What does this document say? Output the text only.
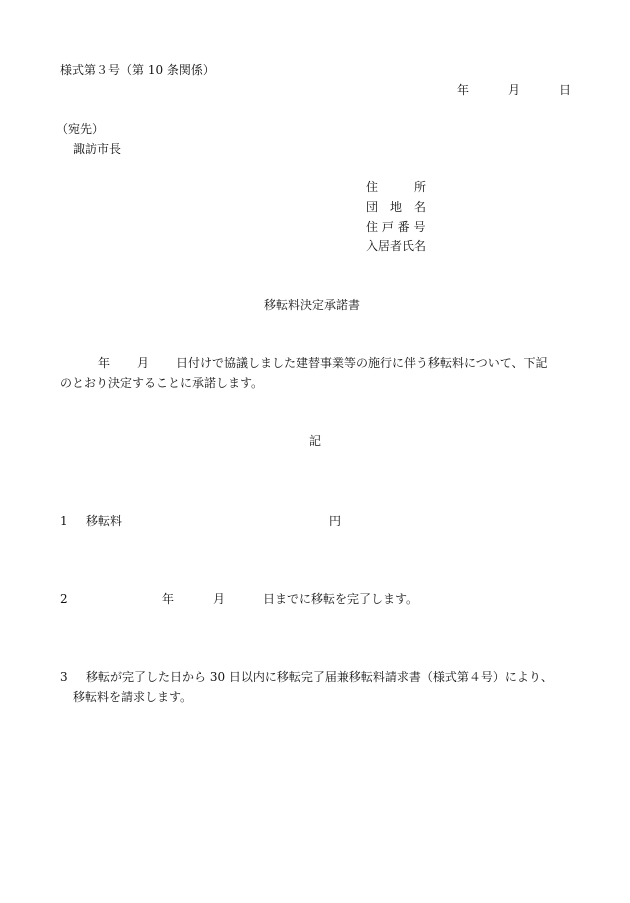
様式第３号（第 10 条関係）
年	月	日
（宛先）
諏訪市長
住　　　所
団　地　名
住 戸 番 号
入居者氏名
移転料決定承諾書
年 月 日付けで協議しました建替事業等の施行に伴う移転料について、下記
のとおり決定することに承諾します。
記
1 移転料	円
2	年	月	日までに移転を完了します。
3 移転が完了した日から 30 日以内に移転完了届兼移転料請求書（様式第４号）により、
移転料を請求します。
